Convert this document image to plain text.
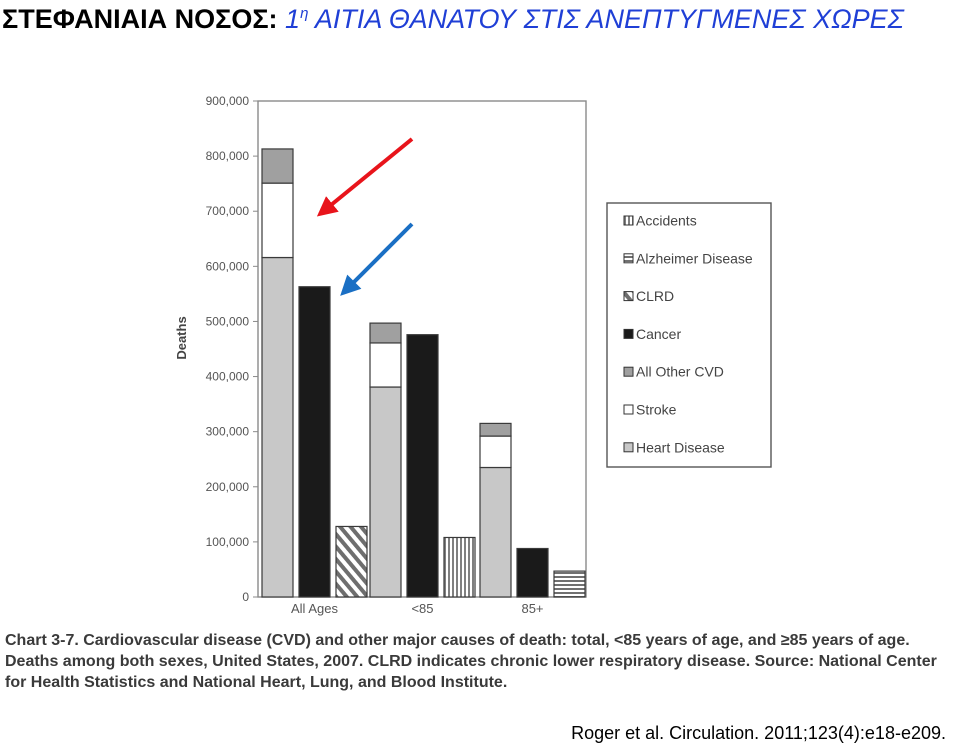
ΣΤΕΦΑΝΙΑΙΑ ΝΟΣΟΣ: $1^\eta$ ΑΙΤΙΑ ΘΑΝΑΤΟΥ ΣΤΙΣ ΑΝΕΠΤΥΓΜΕΝΕΣ ΧΩΡΕΣ
0
100,000
200,000
300,000
400,000
500,000
600,000
700,000
800,000
900,000
All Ages	<85	85+
Deaths
Accidents
Alzheimer Disease
CLRD
Cancer
All Other CVD
Stroke
Heart Disease

Chart 3-7. Cardiovascular disease (CVD) and other major causes of death: total, <85 years of age, and ≥85 years of age. Deaths among both sexes, United States, 2007. CLRD indicates chronic lower respiratory disease. Source: National Center for Health Statistics and National Heart, Lung, and Blood Institute.

Roger et al. Circulation. 2011;123(4):e18-e209.
